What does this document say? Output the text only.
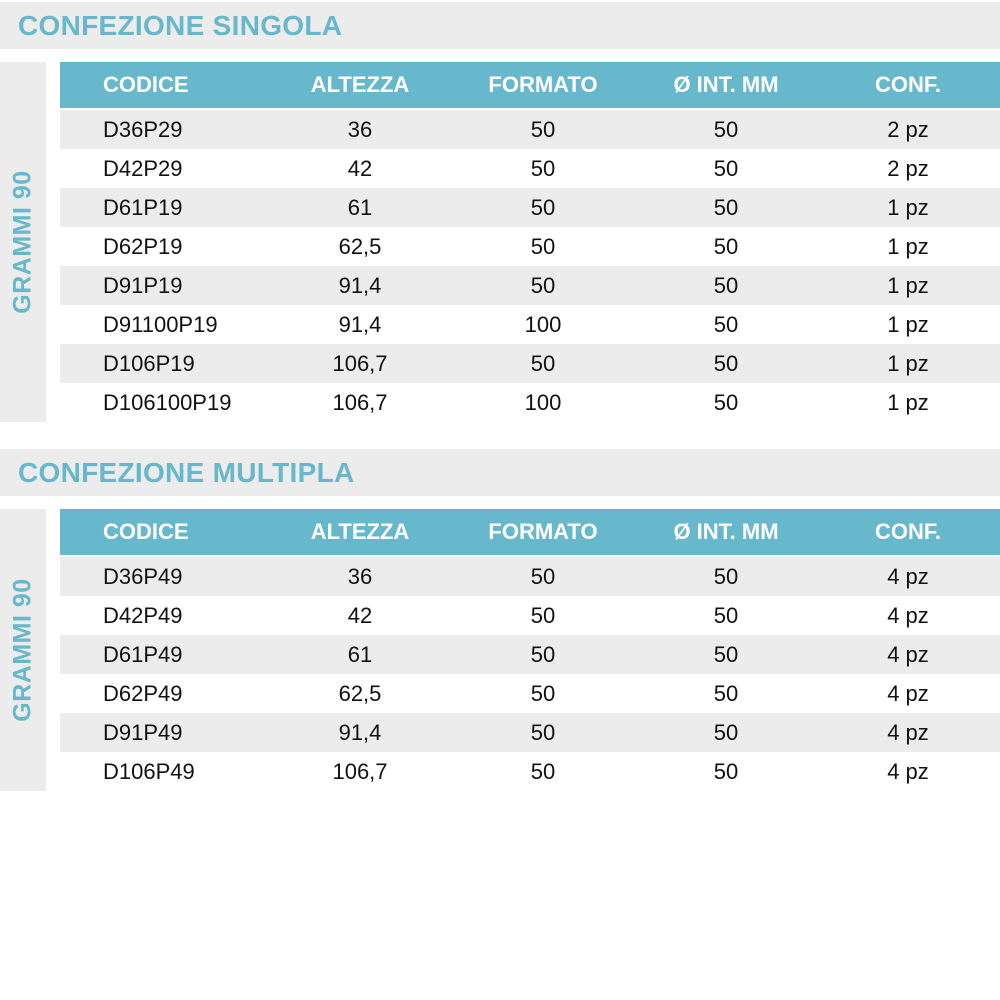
CONFEZIONE SINGOLA
GRAMMI 90
CODICE	ALTEZZA	FORMATO	Ø INT. MM	CONF.
D36P29	36	50	50	2 pz
D42P29	42	50	50	2 pz
D61P19	61	50	50	1 pz
D62P19	62,5	50	50	1 pz
D91P19	91,4	50	50	1 pz
D91100P19	91,4	100	50	1 pz
D106P19	106,7	50	50	1 pz
D106100P19	106,7	100	50	1 pz
CONFEZIONE MULTIPLA
GRAMMI 90
CODICE	ALTEZZA	FORMATO	Ø INT. MM	CONF.
D36P49	36	50	50	4 pz
D42P49	42	50	50	4 pz
D61P49	61	50	50	4 pz
D62P49	62,5	50	50	4 pz
D91P49	91,4	50	50	4 pz
D106P49	106,7	50	50	4 pz
